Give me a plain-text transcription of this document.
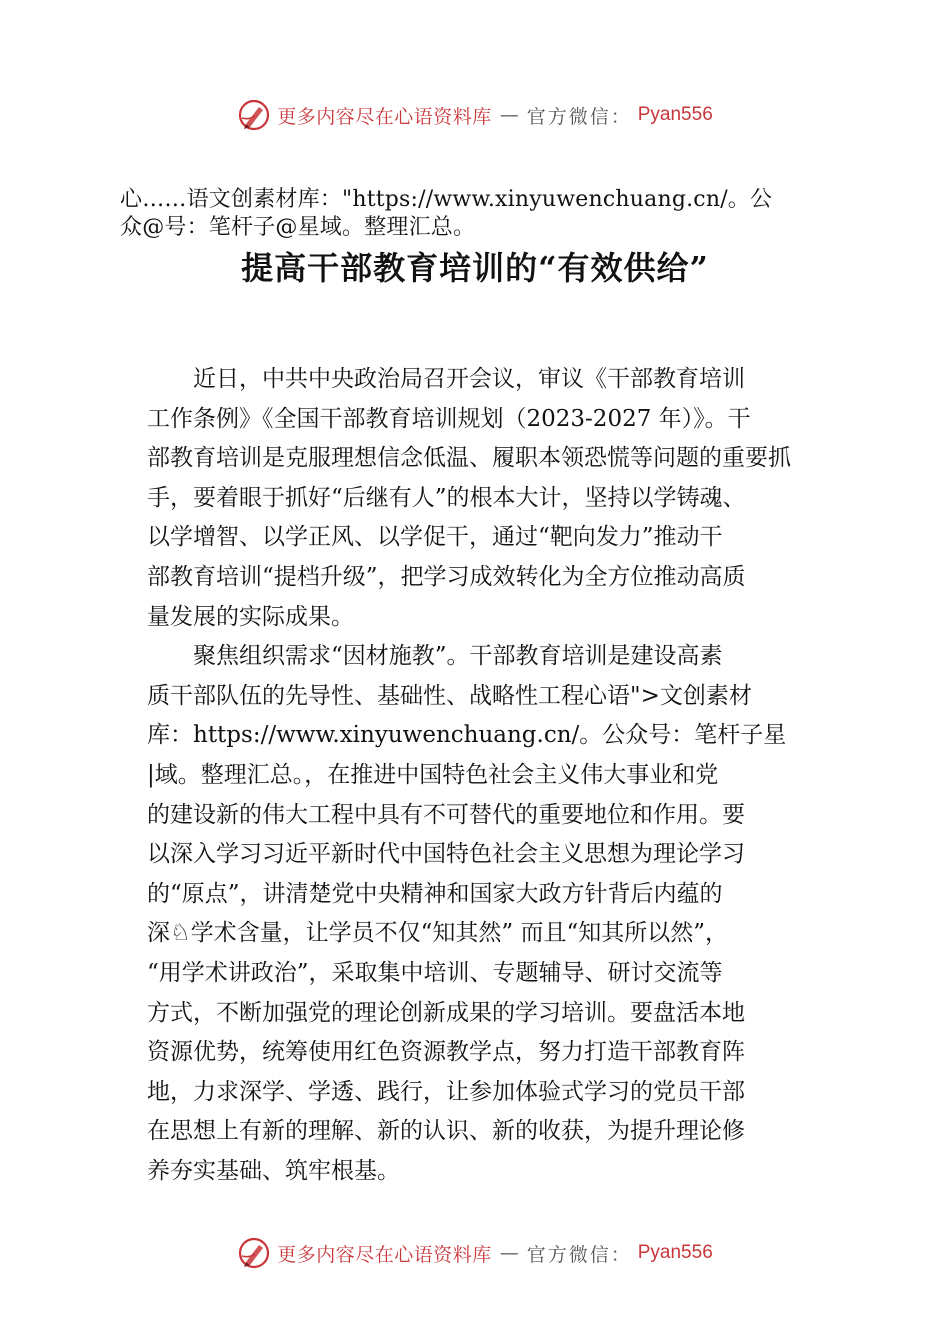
更多内容尽在心语资料库 — 官方微信： Pyan556
心……语文创素材库："https://www.xinyuwenchuang.cn/。公
众@号：笔杆子@星域。整理汇总。
提高干部教育培训的“有效供给”
　　近日，中共中央政治局召开会议，审议《干部教育培训
工作条例》《全国干部教育培训规划（2023-2027 年）》。干
部教育培训是克服理想信念低温、履职本领恐慌等问题的重要抓
手，要着眼于抓好“后继有人”的根本大计，坚持以学铸魂、
以学增智、以学正风、以学促干，通过“靶向发力”推动干
部教育培训“提档升级”，把学习成效转化为全方位推动高质
量发展的实际成果。
　　聚焦组织需求“因材施教”。干部教育培训是建设高素
质干部队伍的先导性、基础性、战略性工程心语">文创素材
库：https://www.xinyuwenchuang.cn/。公众号：笔杆子星
|域。整理汇总。，在推进中国特色社会主义伟大事业和党
的建设新的伟大工程中具有不可替代的重要地位和作用。要
以深入学习习近平新时代中国特色社会主义思想为理论学习
的“原点”，讲清楚党中央精神和国家大政方针背后内蕴的
深♘学术含量，让学员不仅“知其然” 而且“知其所以然”，
“用学术讲政治”，采取集中培训、专题辅导、研讨交流等
方式，不断加强党的理论创新成果的学习培训。要盘活本地
资源优势，统筹使用红色资源教学点，努力打造干部教育阵
地，力求深学、学透、践行，让参加体验式学习的党员干部
在思想上有新的理解、新的认识、新的收获，为提升理论修
养夯实基础、筑牢根基。
更多内容尽在心语资料库 — 官方微信： Pyan556
